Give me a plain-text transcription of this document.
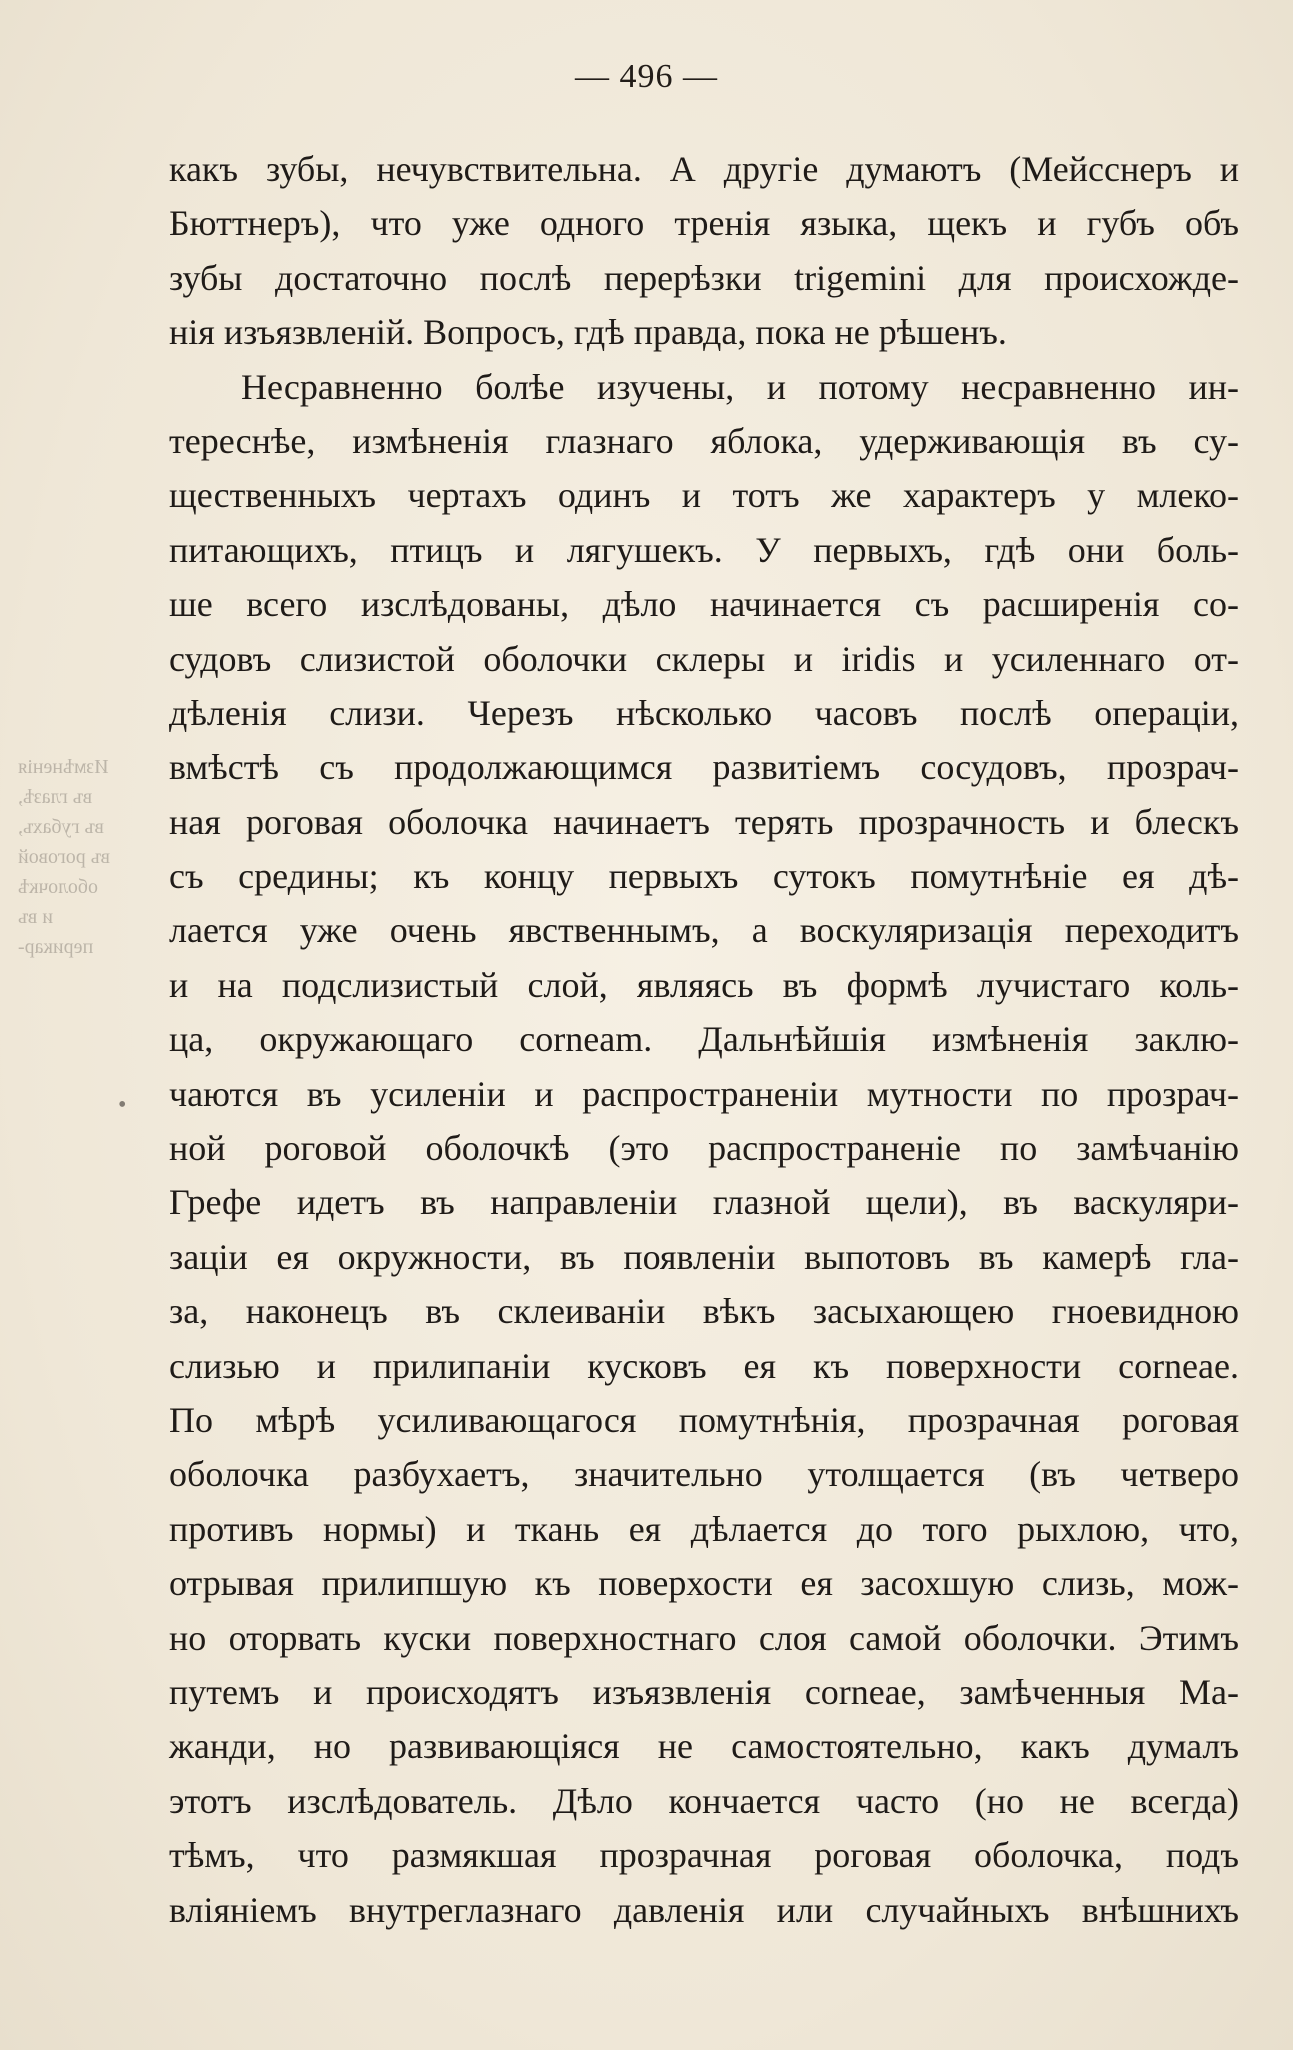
— 496 —
Измѣненія
въ глазѣ,
въ губахъ,
въ роговой
оболочкѣ
и въ
перикар-
•
какъ зубы, нечувствительна. А другіе думаютъ (Мейсснеръ и
Бюттнеръ), что уже одного тренія языка, щекъ и губъ объ
зубы достаточно послѣ перерѣзки trigemini для происхожде-
нія изъязвленій. Вопросъ, гдѣ правда, пока не рѣшенъ.
Несравненно болѣе изучены, и потому несравненно ин-
тереснѣе, измѣненія глазнаго яблока, удерживающія въ су-
щественныхъ чертахъ одинъ и тотъ же характеръ у млеко-
питающихъ, птицъ и лягушекъ. У первыхъ, гдѣ они боль-
ше всего изслѣдованы, дѣло начинается съ расширенія со-
судовъ слизистой оболочки склеры и iridis и усиленнаго от-
дѣленія слизи. Черезъ нѣсколько часовъ послѣ операціи,
вмѣстѣ съ продолжающимся развитіемъ сосудовъ, прозрач-
ная роговая оболочка начинаетъ терять прозрачность и блескъ
съ средины; къ концу первыхъ сутокъ помутнѣніе ея дѣ-
лается уже очень явственнымъ, а воскуляризація переходитъ
и на подслизистый слой, являясь въ формѣ лучистаго коль-
ца, окружающаго corneam. Дальнѣйшія измѣненія заклю-
чаются въ усиленіи и распространеніи мутности по прозрач-
ной роговой оболочкѣ (это распространеніе по замѣчанію
Грефе идетъ въ направленіи глазной щели), въ васкуляри-
заціи ея окружности, въ появленіи выпотовъ въ камерѣ гла-
за, наконецъ въ склеиваніи вѣкъ засыхающею гноевидною
слизью и прилипаніи кусковъ ея къ поверхности corneae.
По мѣрѣ усиливающагося помутнѣнія, прозрачная роговая
оболочка разбухаетъ, значительно утолщается (въ четверо
противъ нормы) и ткань ея дѣлается до того рыхлою, что,
отрывая прилипшую къ поверхости ея засохшую слизь, мож-
но оторвать куски поверхностнаго слоя самой оболочки. Этимъ
путемъ и происходятъ изъязвленія corneae, замѣченныя Ма-
жанди, но развивающіяся не самостоятельно, какъ думалъ
этотъ изслѣдователь. Дѣло кончается часто (но не всегда)
тѣмъ, что размякшая прозрачная роговая оболочка, подъ
вліяніемъ внутреглазнаго давленія или случайныхъ внѣшнихъ
